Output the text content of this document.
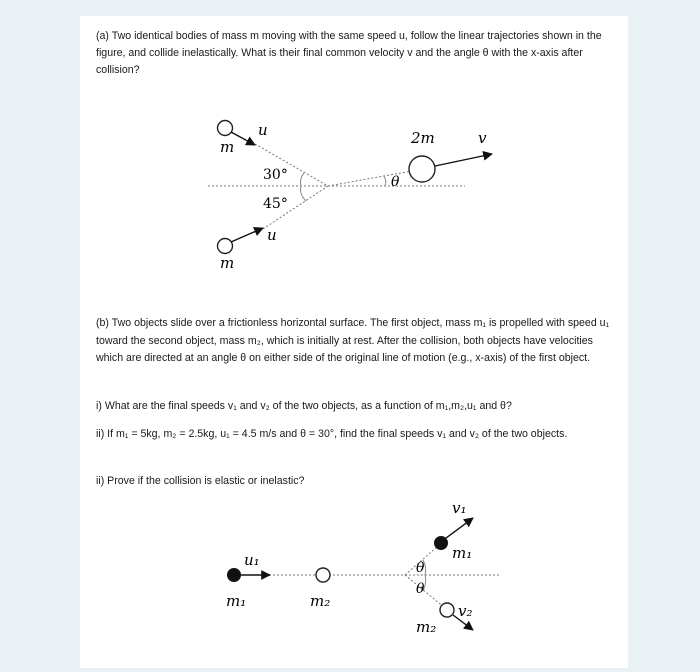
(a) Two identical bodies of mass m moving with the same speed u, follow the linear trajectories shown in the figure, and collide inelastically. What is their final common velocity v and the angle θ with the x-axis after collision?
u
m
30°
45°
u
m
2m	v
θ
u₁
m₁	m₂
v₁
m₁
θ
θ
v₂
m₂
(b) Two objects slide over a frictionless horizontal surface. The first object, mass m₁ is propelled with speed u₁ toward the second object, mass m₂, which is initially at rest. After the collision, both objects have velocities which are directed at an angle θ on either side of the original line of motion (e.g., x-axis) of the first object.
i) What are the final speeds v₁ and v₂ of the two objects, as a function of m₁,m₂,u₁ and θ?
ii) If m₁ = 5kg, m₂ = 2.5kg, u₁ = 4.5 m/s and θ = 30°, find the final speeds v₁ and v₂ of the two objects.
ii) Prove if the collision is elastic or inelastic?
